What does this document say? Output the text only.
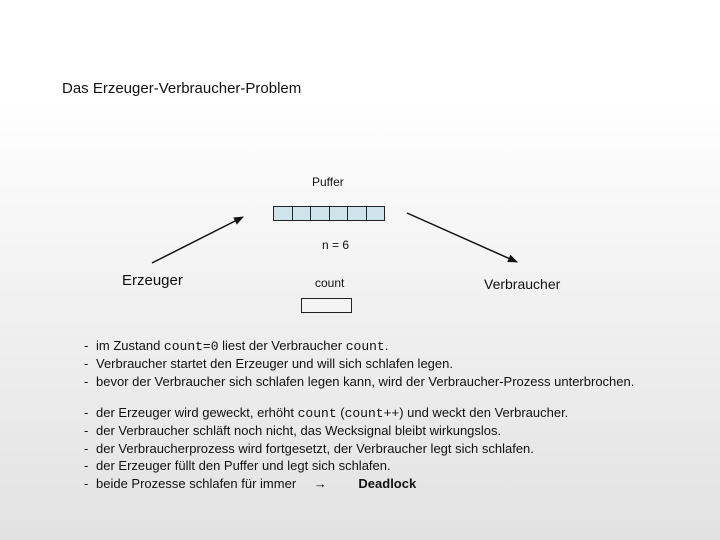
Das Erzeuger-Verbraucher-Problem
Puffer
n = 6
Erzeuger	count	Verbraucher
- im Zustand count=0 liest der Verbraucher count.
- Verbraucher startet den Erzeuger und will sich schlafen legen.
- bevor der Verbraucher sich schlafen legen kann, wird der Verbraucher-Prozess unterbrochen.
- der Erzeuger wird geweckt, erhöht count (count++) und weckt den Verbraucher.
- der Verbraucher schläft noch nicht, das Wecksignal bleibt wirkungslos.
- der Verbraucherprozess wird fortgesetzt, der Verbraucher legt sich schlafen.
- der Erzeuger füllt den Puffer und legt sich schlafen.
- beide Prozesse schlafen für immer → Deadlock
